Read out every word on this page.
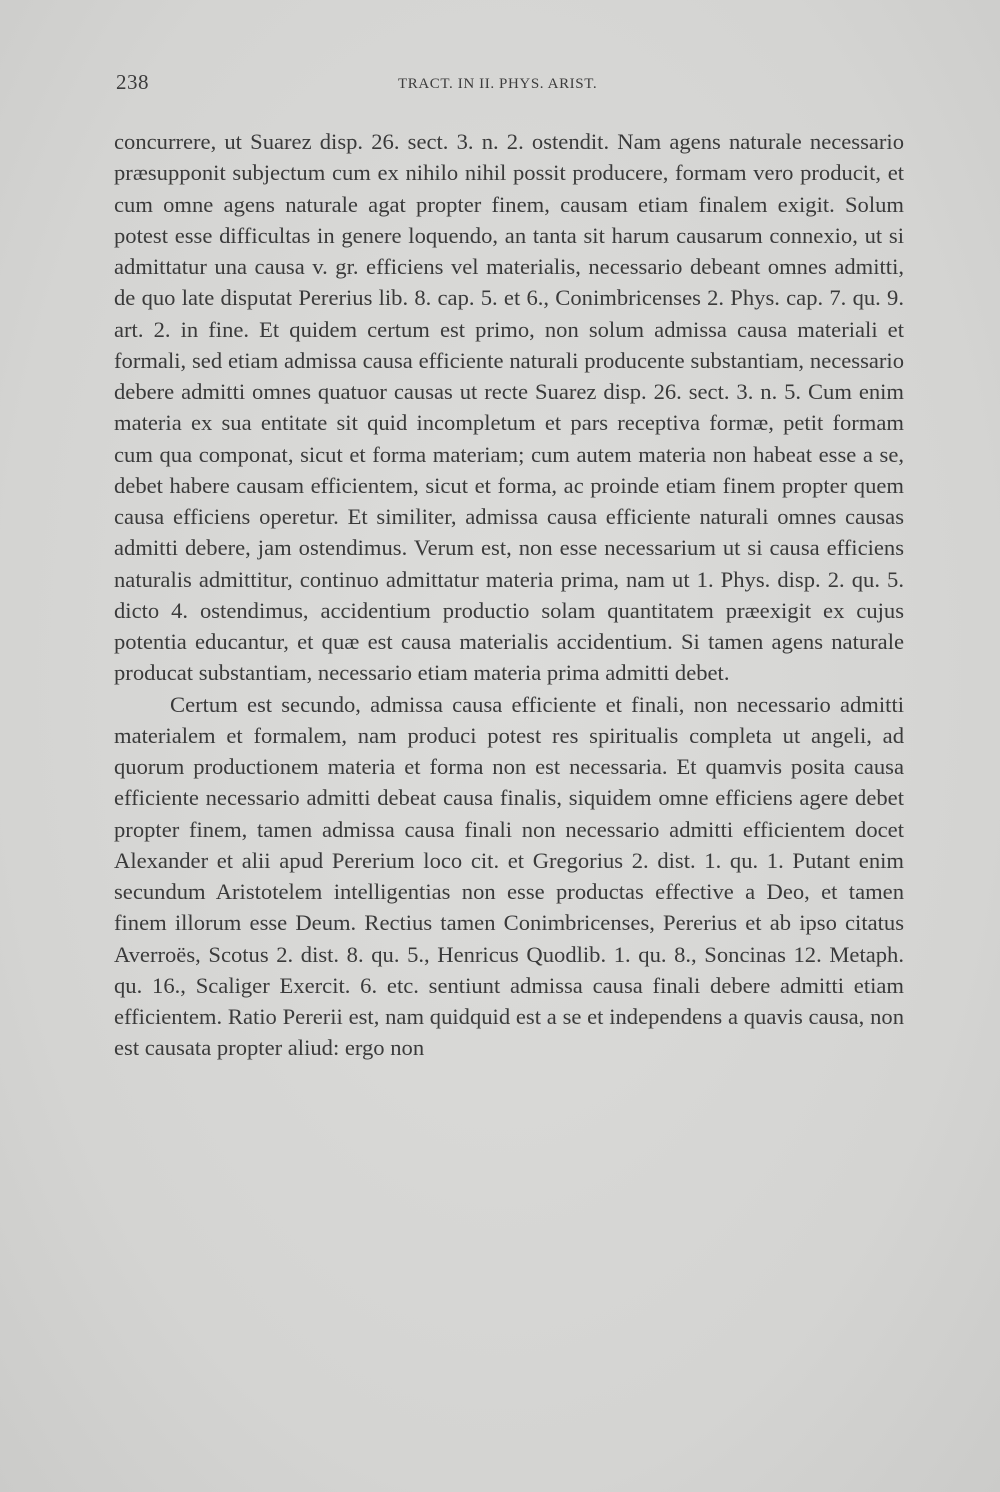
238	TRACT. IN II. PHYS. ARIST.

concurrere, ut Suarez disp. 26. sect. 3. n. 2. ostendit. Nam agens naturale necessario præsupponit subjectum cum ex nihilo nihil possit producere, formam vero producit, et cum omne agens naturale agat propter finem, causam etiam finalem exigit. Solum potest esse difficultas in genere loquendo, an tanta sit harum causarum connexio, ut si admittatur una causa v. gr. efficiens vel materialis, necessario debeant omnes admitti, de quo late disputat Pererius lib. 8. cap. 5. et 6., Conimbricenses 2. Phys. cap. 7. qu. 9. art. 2. in fine. Et quidem certum est primo, non solum admissa causa materiali et formali, sed etiam admissa causa efficiente naturali producente substantiam, necessario debere admitti omnes quatuor causas ut recte Suarez disp. 26. sect. 3. n. 5. Cum enim materia ex sua entitate sit quid incompletum et pars receptiva formæ, petit formam cum qua componat, sicut et forma materiam; cum autem materia non habeat esse a se, debet habere causam efficientem, sicut et forma, ac proinde etiam finem propter quem causa efficiens operetur. Et similiter, admissa causa efficiente naturali omnes causas admitti debere, jam ostendimus. Verum est, non esse necessarium ut si causa efficiens naturalis admittitur, continuo admittatur materia prima, nam ut 1. Phys. disp. 2. qu. 5. dicto 4. ostendimus, accidentium productio solam quantitatem præexigit ex cujus potentia educantur, et quæ est causa materialis accidentium. Si tamen agens naturale producat substantiam, necessario etiam materia prima admitti debet.

Certum est secundo, admissa causa efficiente et finali, non necessario admitti materialem et formalem, nam produci potest res spiritualis completa ut angeli, ad quorum productionem materia et forma non est necessaria. Et quamvis posita causa efficiente necessario admitti debeat causa finalis, siquidem omne efficiens agere debet propter finem, tamen admissa causa finali non necessario admitti efficientem docet Alexander et alii apud Pererium loco cit. et Gregorius 2. dist. 1. qu. 1. Putant enim secundum Aristotelem intelligentias non esse productas effective a Deo, et tamen finem illorum esse Deum. Rectius tamen Conimbricenses, Pererius et ab ipso citatus Averroës, Scotus 2. dist. 8. qu. 5., Henricus Quodlib. 1. qu. 8., Soncinas 12. Metaph. qu. 16., Scaliger Exercit. 6. etc. sentiunt admissa causa finali debere admitti etiam efficientem. Ratio Pererii est, nam quidquid est a se et independens a quavis causa, non est causata propter aliud: ergo non
